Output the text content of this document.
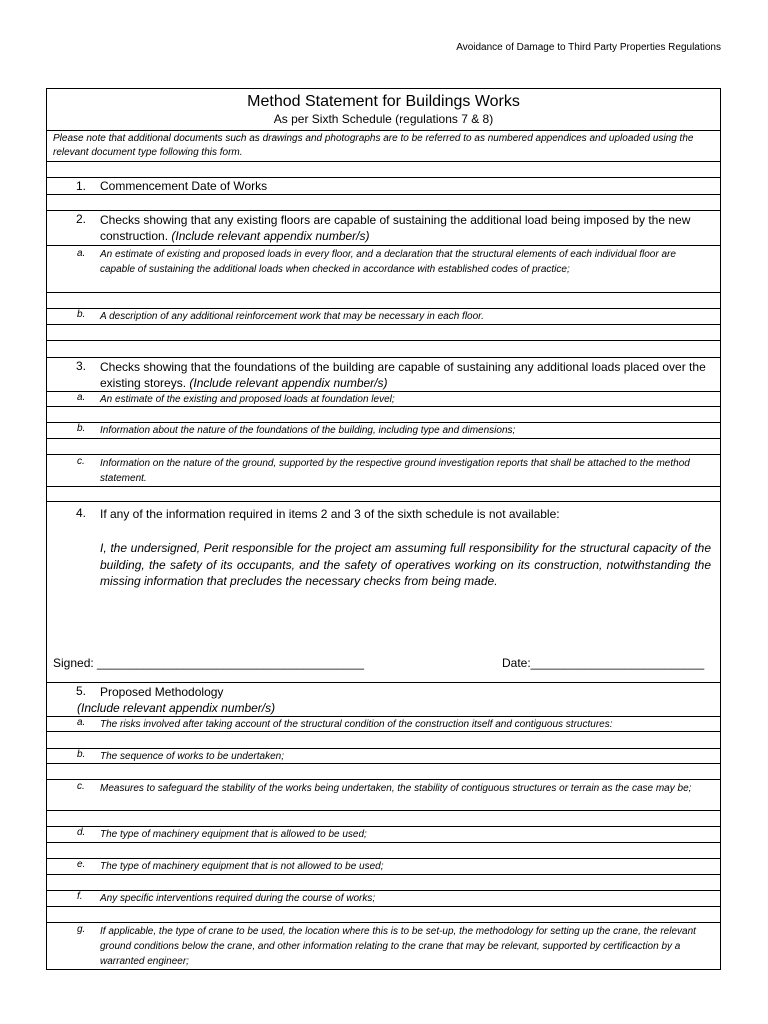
Avoidance of Damage to Third Party Properties Regulations
Method Statement for Buildings Works
As per Sixth Schedule (regulations 7 & 8)
Please note that additional documents such as drawings and photographs are to be referred to as numbered appendices and uploaded using the relevant document type following this form.
1. Commencement Date of Works
2. Checks showing that any existing floors are capable of sustaining the additional load being imposed by the new construction. (Include relevant appendix number/s)
a. An estimate of existing and proposed loads in every floor, and a declaration that the structural elements of each individual floor are capable of sustaining the additional loads when checked in accordance with established codes of practice;
b. A description of any additional reinforcement work that may be necessary in each floor.
3. Checks showing that the foundations of the building are capable of sustaining any additional loads placed over the existing storeys. (Include relevant appendix number/s)
a. An estimate of the existing and proposed loads at foundation level;
b. Information about the nature of the foundations of the building, including type and dimensions;
c. Information on the nature of the ground, supported by the respective ground investigation reports that shall be attached to the method statement.
4. If any of the information required in items 2 and 3 of the sixth schedule is not available:
I, the undersigned, Perit responsible for the project am assuming full responsibility for the structural capacity of the building, the safety of its occupants, and the safety of operatives working on its construction, notwithstanding the missing information that precludes the necessary checks from being made.
Signed: ________________________________________	Date:__________________________
5. Proposed Methodology
(Include relevant appendix number/s)
a. The risks involved after taking account of the structural condition of the construction itself and contiguous structures:
b. The sequence of works to be undertaken;
c. Measures to safeguard the stability of the works being undertaken, the stability of contiguous structures or terrain as the case may be;
d. The type of machinery equipment that is allowed to be used;
e. The type of machinery equipment that is not allowed to be used;
f. Any specific interventions required during the course of works;
g. If applicable, the type of crane to be used, the location where this is to be set-up, the methodology for setting up the crane, the relevant ground conditions below the crane, and other information relating to the crane that may be relevant, supported by certificaction by a warranted engineer;
